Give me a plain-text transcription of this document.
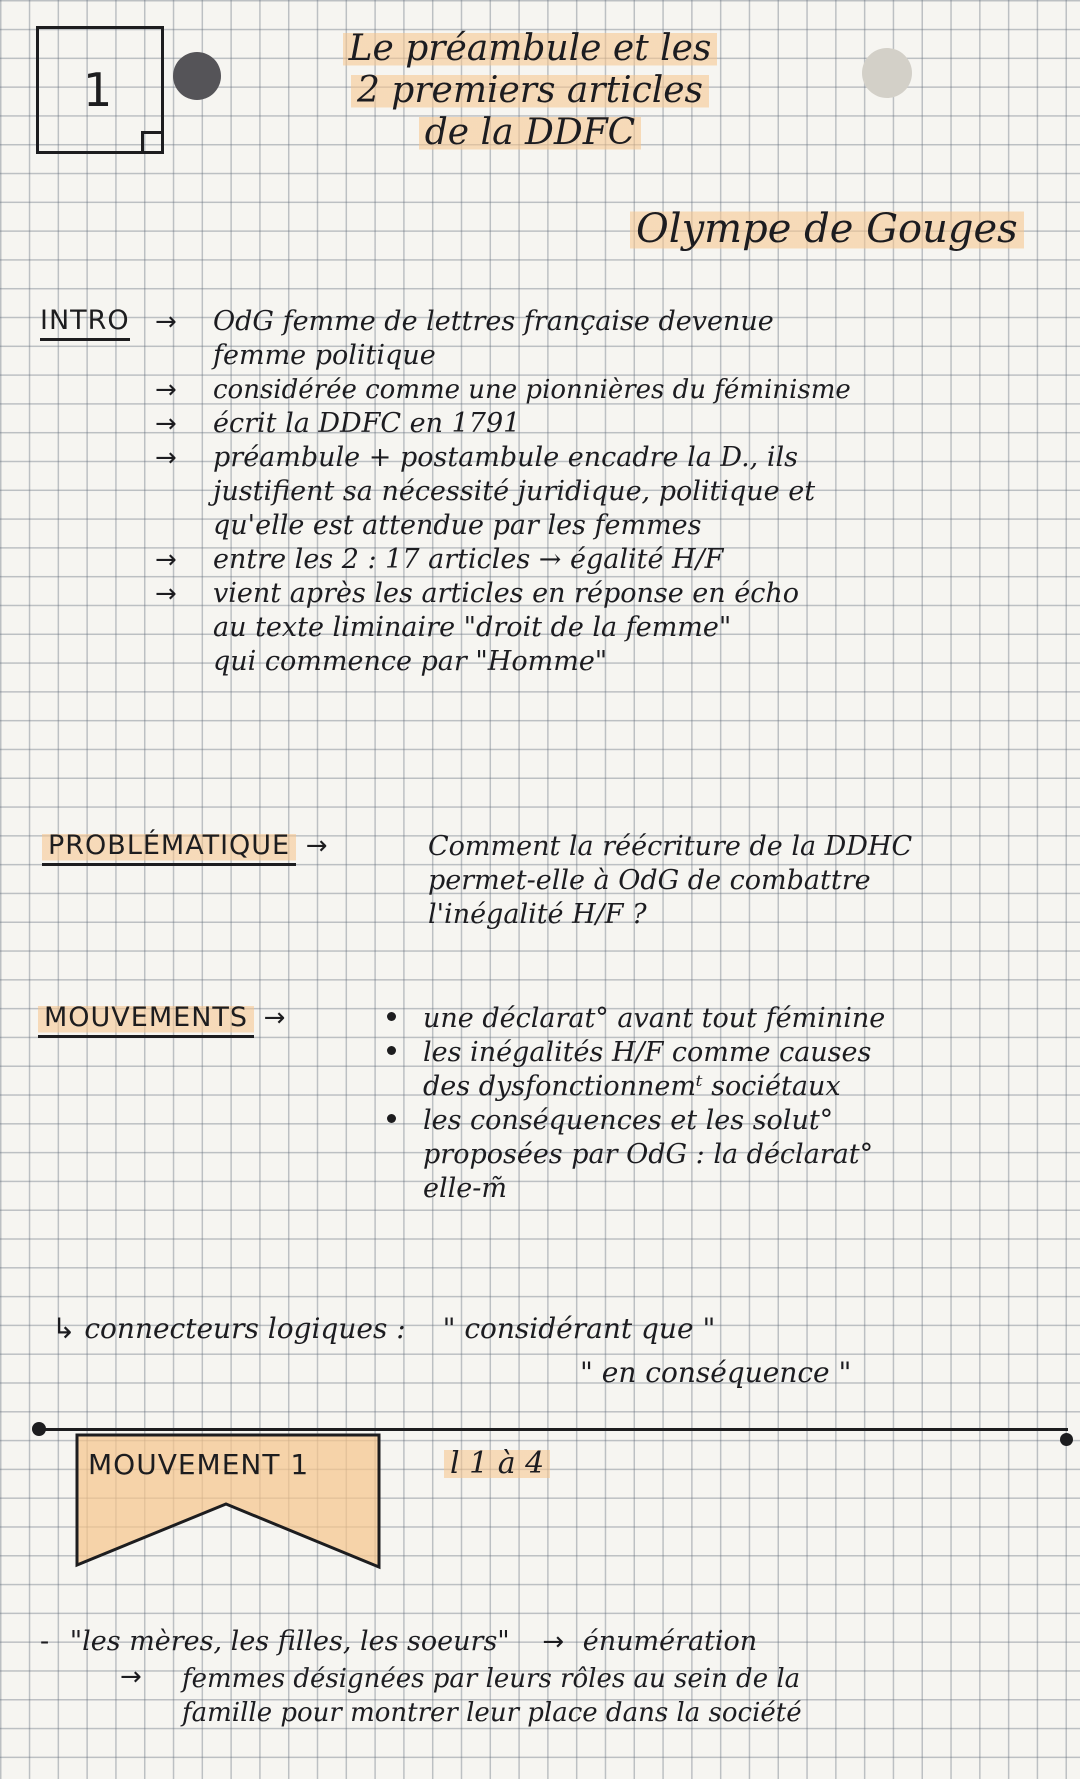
1
Le préambule et les
2 premiers articles
de la DDFC
Olympe de Gouges
INTRO → OdG femme de lettres française devenue
femme politique
→ considérée comme une pionnières du féminisme
→ écrit la DDFC en 1791
→ préambule + postambule encadre la D., ils
justifient sa nécessité juridique, politique et
qu'elle est attendue par les femmes
→ entre les 2 : 17 articles → égalité H/F
→ vient après les articles en réponse en écho
au texte liminaire "droit de la femme"
qui commence par "Homme"
PROBLÉMATIQUE →	Comment la réécriture de la DDHC
permet-elle à OdG de combattre
l'inégalité H/F ?
MOUVEMENTS →	une déclarat° avant tout féminine
les inégalités H/F comme causes
des dysfonctionnemᵗ sociétaux
les conséquences et les solut°
proposées par OdG : la déclarat°
elle-m̃
↳ connecteurs logiques : " considérant que "
" en conséquence "
MOUVEMENT 1	l 1 à 4
- "les mères, les filles, les soeurs" → énumération
→ femmes désignées par leurs rôles au sein de la
famille pour montrer leur place dans la société
